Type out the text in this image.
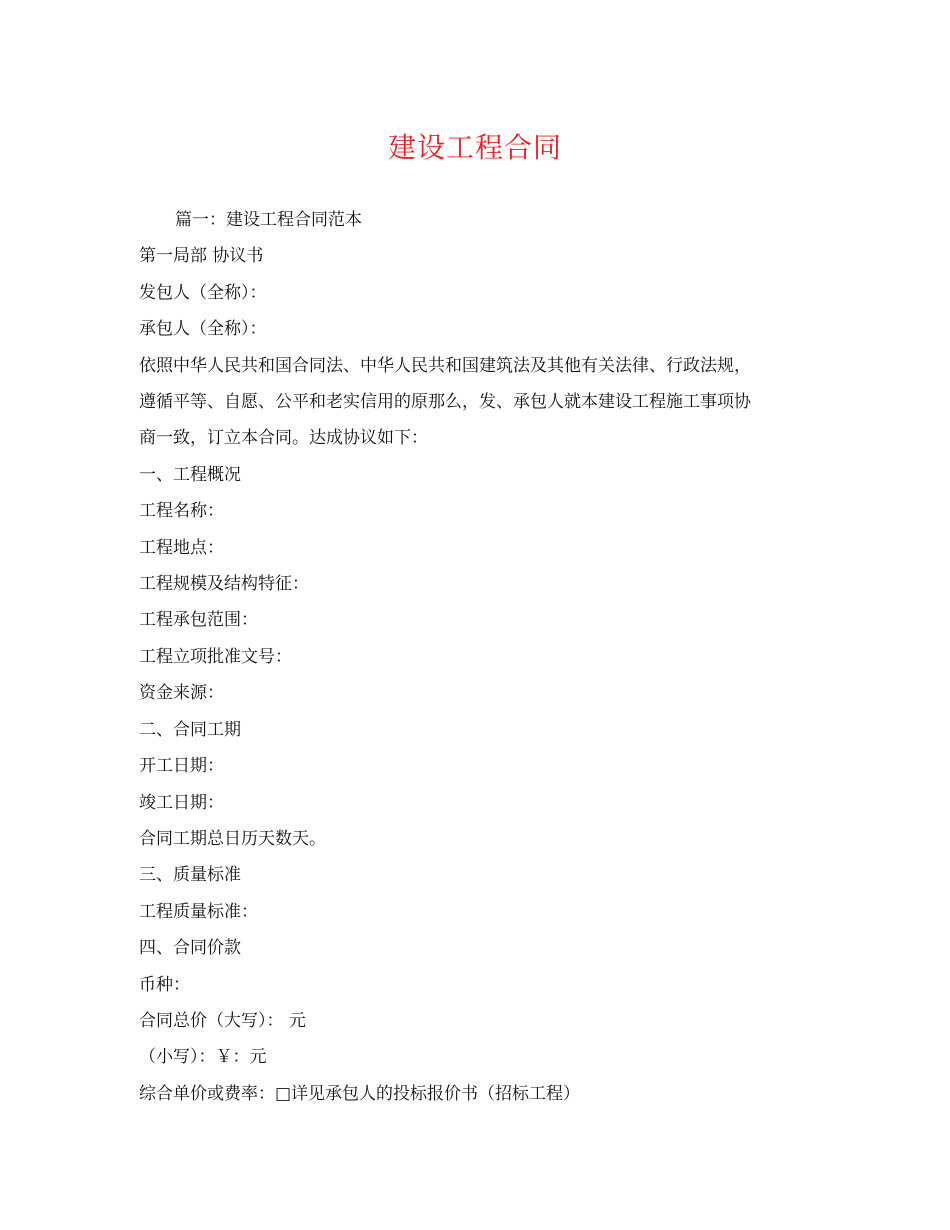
建设工程合同

篇一：建设工程合同范本

第一局部 协议书

发包人（全称）：

承包人（全称）：

依照中华人民共和国合同法、中华人民共和国建筑法及其他有关法律、行政法规，

遵循平等、自愿、公平和老实信用的原那么，发、承包人就本建设工程施工事项协

商一致，订立本合同。达成协议如下：

一、工程概况

工程名称：

工程地点：

工程规模及结构特征：

工程承包范围：

工程立项批准文号：

资金来源：

二、合同工期

开工日期：

竣工日期：

合同工期总日历天数天。

三、质量标准

工程质量标准：

四、合同价款

币种：

合同总价（大写）： 元

（小写）：￥：元

综合单价或费率：□详见承包人的投标报价书（招标工程）
